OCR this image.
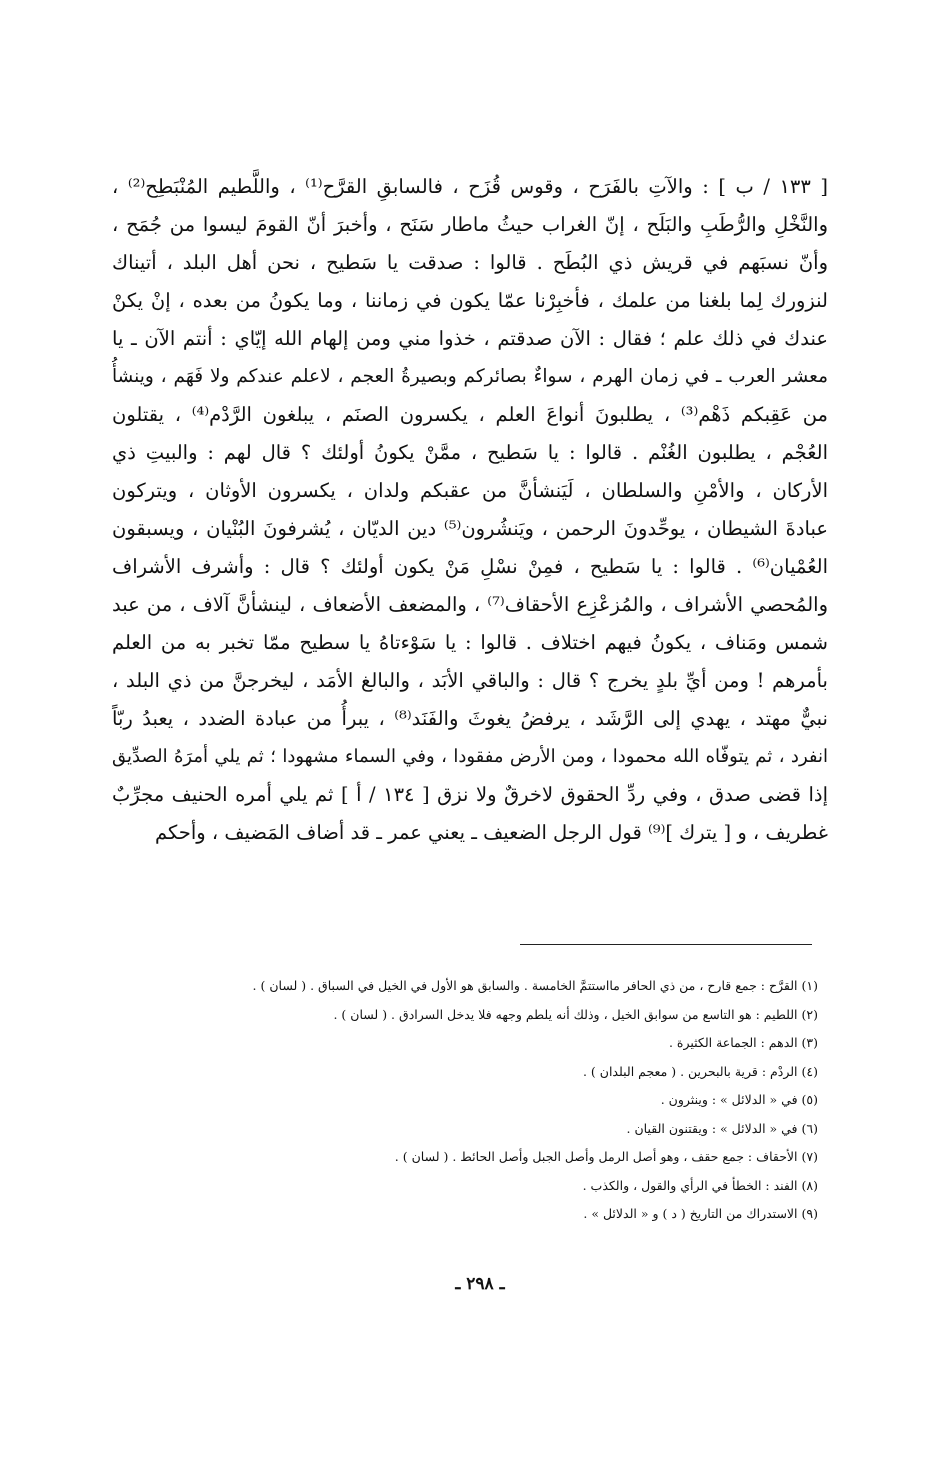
[ ١٣٣ / ب ] : والآتِ بالفَرَح ، وقوس قُزَح ، فالسابقِ القرَّح⁽¹⁾ ، واللَّطيم المُنْبَطِح⁽²⁾ ،
والنَّخْلِ والرُّطَبِ والبَلَح ، إنّ الغراب حيثُ ماطار سَنَح ، وأخبرَ أنّ القومَ ليسوا من جُمَح ،
وأنّ نسبَهم في قريش ذي البُطَح . قالوا : صدقت يا سَطيح ، نحن أهل البلد ، أتيناك
لنزورك لِما بلغنا من علمك ، فأخبِرْنا عمّا يكون في زماننا ، وما يكونُ من بعده ، إنْ يكنْ
عندك في ذلك علم ؛ فقال : الآن صدقتم ، خذوا مني ومن إلهام الله إيّاي : أنتم الآن ـ يا
معشر العرب ـ في زمان الهرم ، سواءٌ بصائركم وبصيرةُ العجم ، لاعلم عندكم ولا فَهَم ، وينشأُ
من عَقِبكم ذَهْم⁽³⁾ ، يطلبونَ أنواعَ العلم ، يكسرون الصنَم ، يبلغون الرَّدْم⁽⁴⁾ ، يقتلون
العُجْم ، يطلبون الغُنْم . قالوا : يا سَطيح ، ممَّنْ يكونُ أولئك ؟ قال لهم : والبيتِ ذي
الأركان ، والأمْنِ والسلطان ، لَيَنشأنَّ من عقبكم ولدان ، يكسرون الأوثان ، ويتركون
عبادةَ الشيطان ، يوحِّدونَ الرحمن ، ويَنشُرون⁽⁵⁾ دين الديّان ، يُشرفونَ البُنْيان ، ويسبقون
العُمْيان⁽⁶⁾ . قالوا : يا سَطيح ، فمِنْ نسْلِ مَنْ يكون أولئك ؟ قال : وأشرف الأشراف
والمُحصي الأشراف ، والمُزعْزِع الأحقاف⁽⁷⁾ ، والمضعف الأضعاف ، لينشأنَّ آلاف ، من عبد
شمس ومَناف ، يكونُ فيهم اختلاف . قالوا : يا سَوْءتاهُ يا سطيح ممّا تخبر به من العلم
بأمرهم ! ومن أيِّ بلدٍ يخرج ؟ قال : والباقي الأبَد ، والبالغ الأمَد ، ليخرجنَّ من ذي البلد ،
نبيٌّ مهتد ، يهدي إلى الرَّشَد ، يرفضُ يغوثَ والفَنَد⁽⁸⁾ ، يبرأُ من عبادة الضدد ، يعبدُ ربّاً
انفرد ، ثم يتوفّاه الله محمودا ، ومن الأرض مفقودا ، وفي السماء مشهودا ؛ ثم يلي أمرَهُ الصدِّيق
إذا قضى صدق ، وفي ردِّ الحقوق لاخرقٌ ولا نزق [ ١٣٤ / أ ] ثم يلي أمره الحنيف مجرِّبٌ
غطريف ، و [ يترك ]⁽⁹⁾ قول الرجل الضعيف ـ يعني عمر ـ قد أضاف المَضيف ، وأحكم
(١) القرَّح : جمع قارح ، من ذي الحافر مااستتمَّ الخامسة . والسابق هو الأول في الخيل في السباق . ( لسان ) .
(٢) اللطيم : هو التاسع من سوابق الخيل ، وذلك أنه يلطم وجهه فلا يدخل السرادق . ( لسان ) .
(٣) الدهم : الجماعة الكثيرة .
(٤) الردْم : قرية بالبحرين . ( معجم البلدان ) .
(٥) في « الدلائل » : وينثرون .
(٦) في « الدلائل » : ويقتنون القيان .
(٧) الأحقاف : جمع حقف ، وهو أصل الرمل وأصل الجبل وأصل الحائط . ( لسان ) .
(٨) الفند : الخطأ في الرأي والقول ، والكذب .
(٩) الاستدراك من التاريخ ( د ) و « الدلائل » .
ـ ٢٩٨ ـ
